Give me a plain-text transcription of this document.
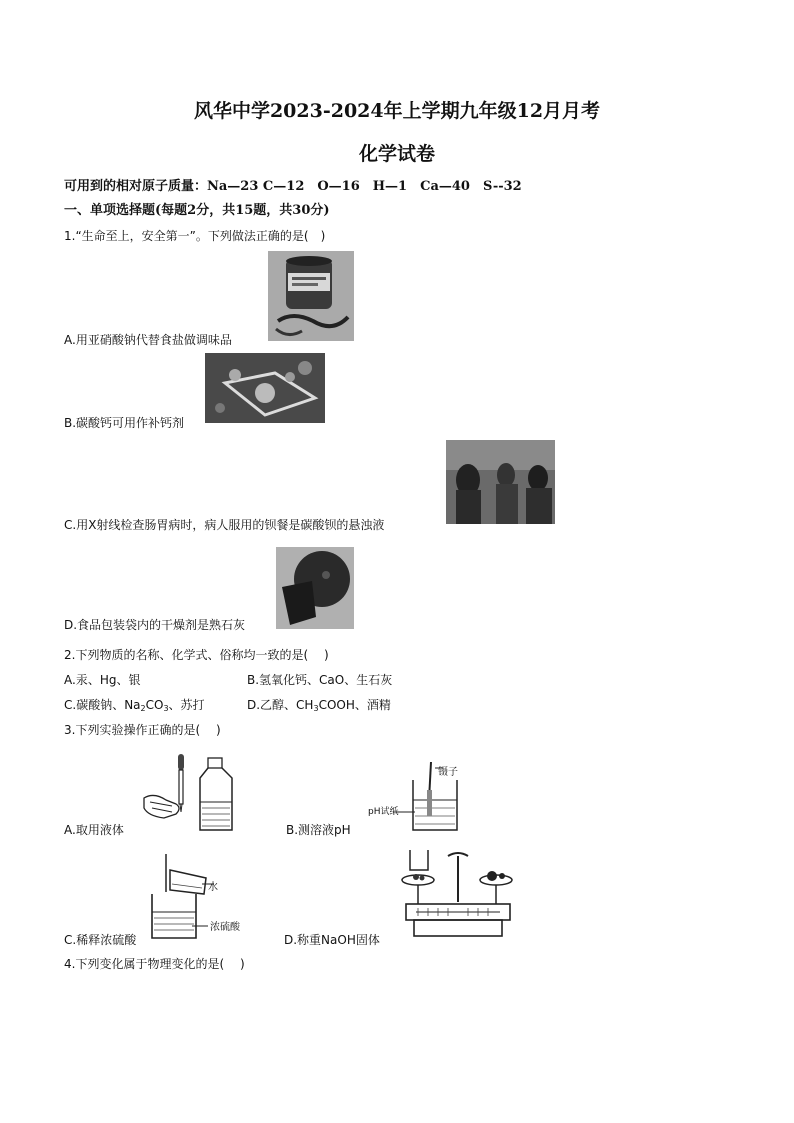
风华中学2023-2024年上学期九年级12月月考
化学试卷
可用到的相对原子质量：Na—23 C—12　O—16　H—1　Ca—40　S--32
一、单项选择题(每题2分，共15题，共30分)
1.“生命至上，安全第一”。下列做法正确的是(　)
A.用亚硝酸钠代替食盐做调味品
B.碳酸钙可用作补钙剂
C.用X射线检查肠胃病时，病人服用的钡餐是碳酸钡的悬浊液
D.食品包装袋内的干燥剂是熟石灰
2.下列物质的名称、化学式、俗称均一致的是(　 )
A.汞、Hg、银	B.氢氧化钙、CaO、生石灰
C.碳酸钠、$Na_2CO_3$、苏打	D.乙醇、$CH_3COOH$、酒精
3.下列实验操作正确的是(　 )
A.取用液体
镊子
pH试纸
B.测溶液pH
水
浓硫酸
C.稀释浓硫酸	D.称重NaOH固体
4.下列变化属于物理变化的是(　 )
